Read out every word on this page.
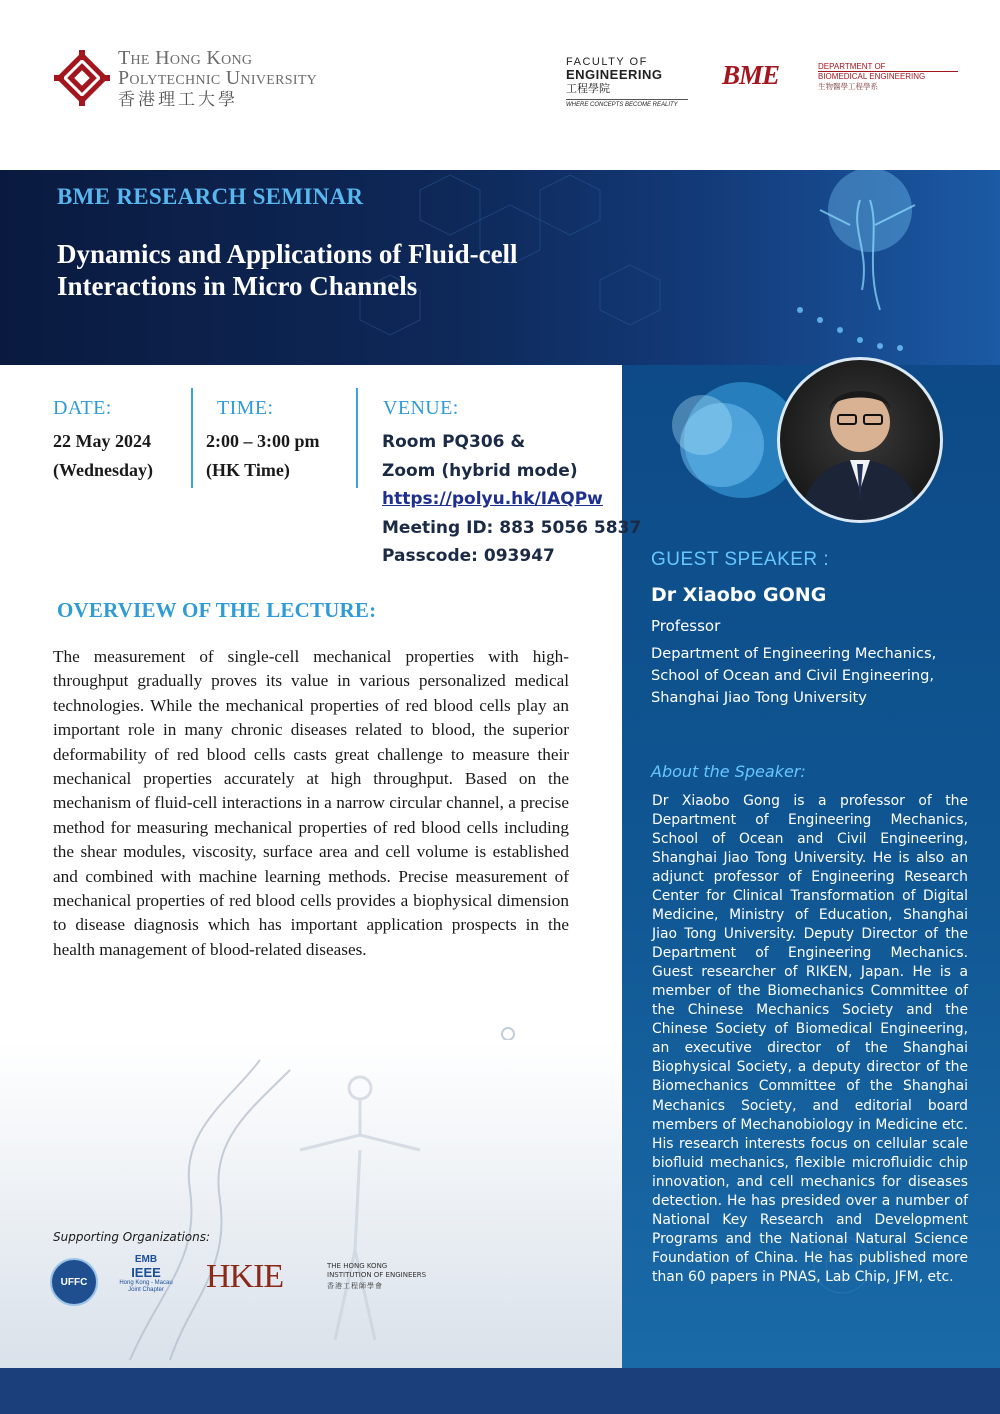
The Hong Kong
Polytechnic University
香港理工大學
FACULTY OF
ENGINEERING
工程學院
WHERE CONCEPTS BECOME REALITY
BME	DEPARTMENT OF
BIOMEDICAL ENGINEERING
生物醫學工程學系
BME RESEARCH SEMINAR
Dynamics and Applications of Fluid-cell Interactions in Micro Channels
DATE:
22 May 2024
(Wednesday)
TIME:
2:00 – 3:00 pm
(HK Time)
VENUE:
Room PQ306 &
Zoom (hybrid mode)
https://polyu.hk/IAQPw
Meeting ID: 883 5056 5837
Passcode: 093947
OVERVIEW OF THE LECTURE:
The measurement of single-cell mechanical properties with high-throughput gradually proves its value in various personalized medical technologies. While the mechanical properties of red blood cells play an important role in many chronic diseases related to blood, the superior deformability of red blood cells casts great challenge to measure their mechanical properties accurately at high throughput. Based on the mechanism of fluid-cell interactions in a narrow circular channel, a precise method for measuring mechanical properties of red blood cells including the shear modules, viscosity, surface area and cell volume is established and combined with machine learning methods. Precise measurement of mechanical properties of red blood cells provides a biophysical dimension to disease diagnosis which has important application prospects in the health management of blood-related diseases.
GUEST SPEAKER :
Dr Xiaobo GONG
Professor
Department of Engineering Mechanics,
School of Ocean and Civil Engineering,
Shanghai Jiao Tong University
About the Speaker:
Dr Xiaobo Gong is a professor of the Department of Engineering Mechanics, School of Ocean and Civil Engineering, Shanghai Jiao Tong University. He is also an adjunct professor of Engineering Research Center for Clinical Transformation of Digital Medicine, Ministry of Education, Shanghai Jiao Tong University. Deputy Director of the Department of Engineering Mechanics. Guest researcher of RIKEN, Japan. He is a member of the Biomechanics Committee of the Chinese Mechanics Society and the Chinese Society of Biomedical Engineering, an executive director of the Shanghai Biophysical Society, a deputy director of the Biomechanics Committee of the Shanghai Mechanics Society, and editorial board members of Mechanobiology in Medicine etc. His research interests focus on cellular scale biofluid mechanics, flexible microfluidic chip innovation, and cell mechanics for diseases detection. He has presided over a number of National Key Research and Development Programs and the National Natural Science Foundation of China. He has published more than 60 papers in PNAS, Lab Chip, JFM, etc.
Supporting Organizations:
UFFC
EMB
IEEE
Hong Kong - Macau Joint Chapter	HKIE	THE HONG KONG
INSTITUTION OF ENGINEERS
香港工程師學會
